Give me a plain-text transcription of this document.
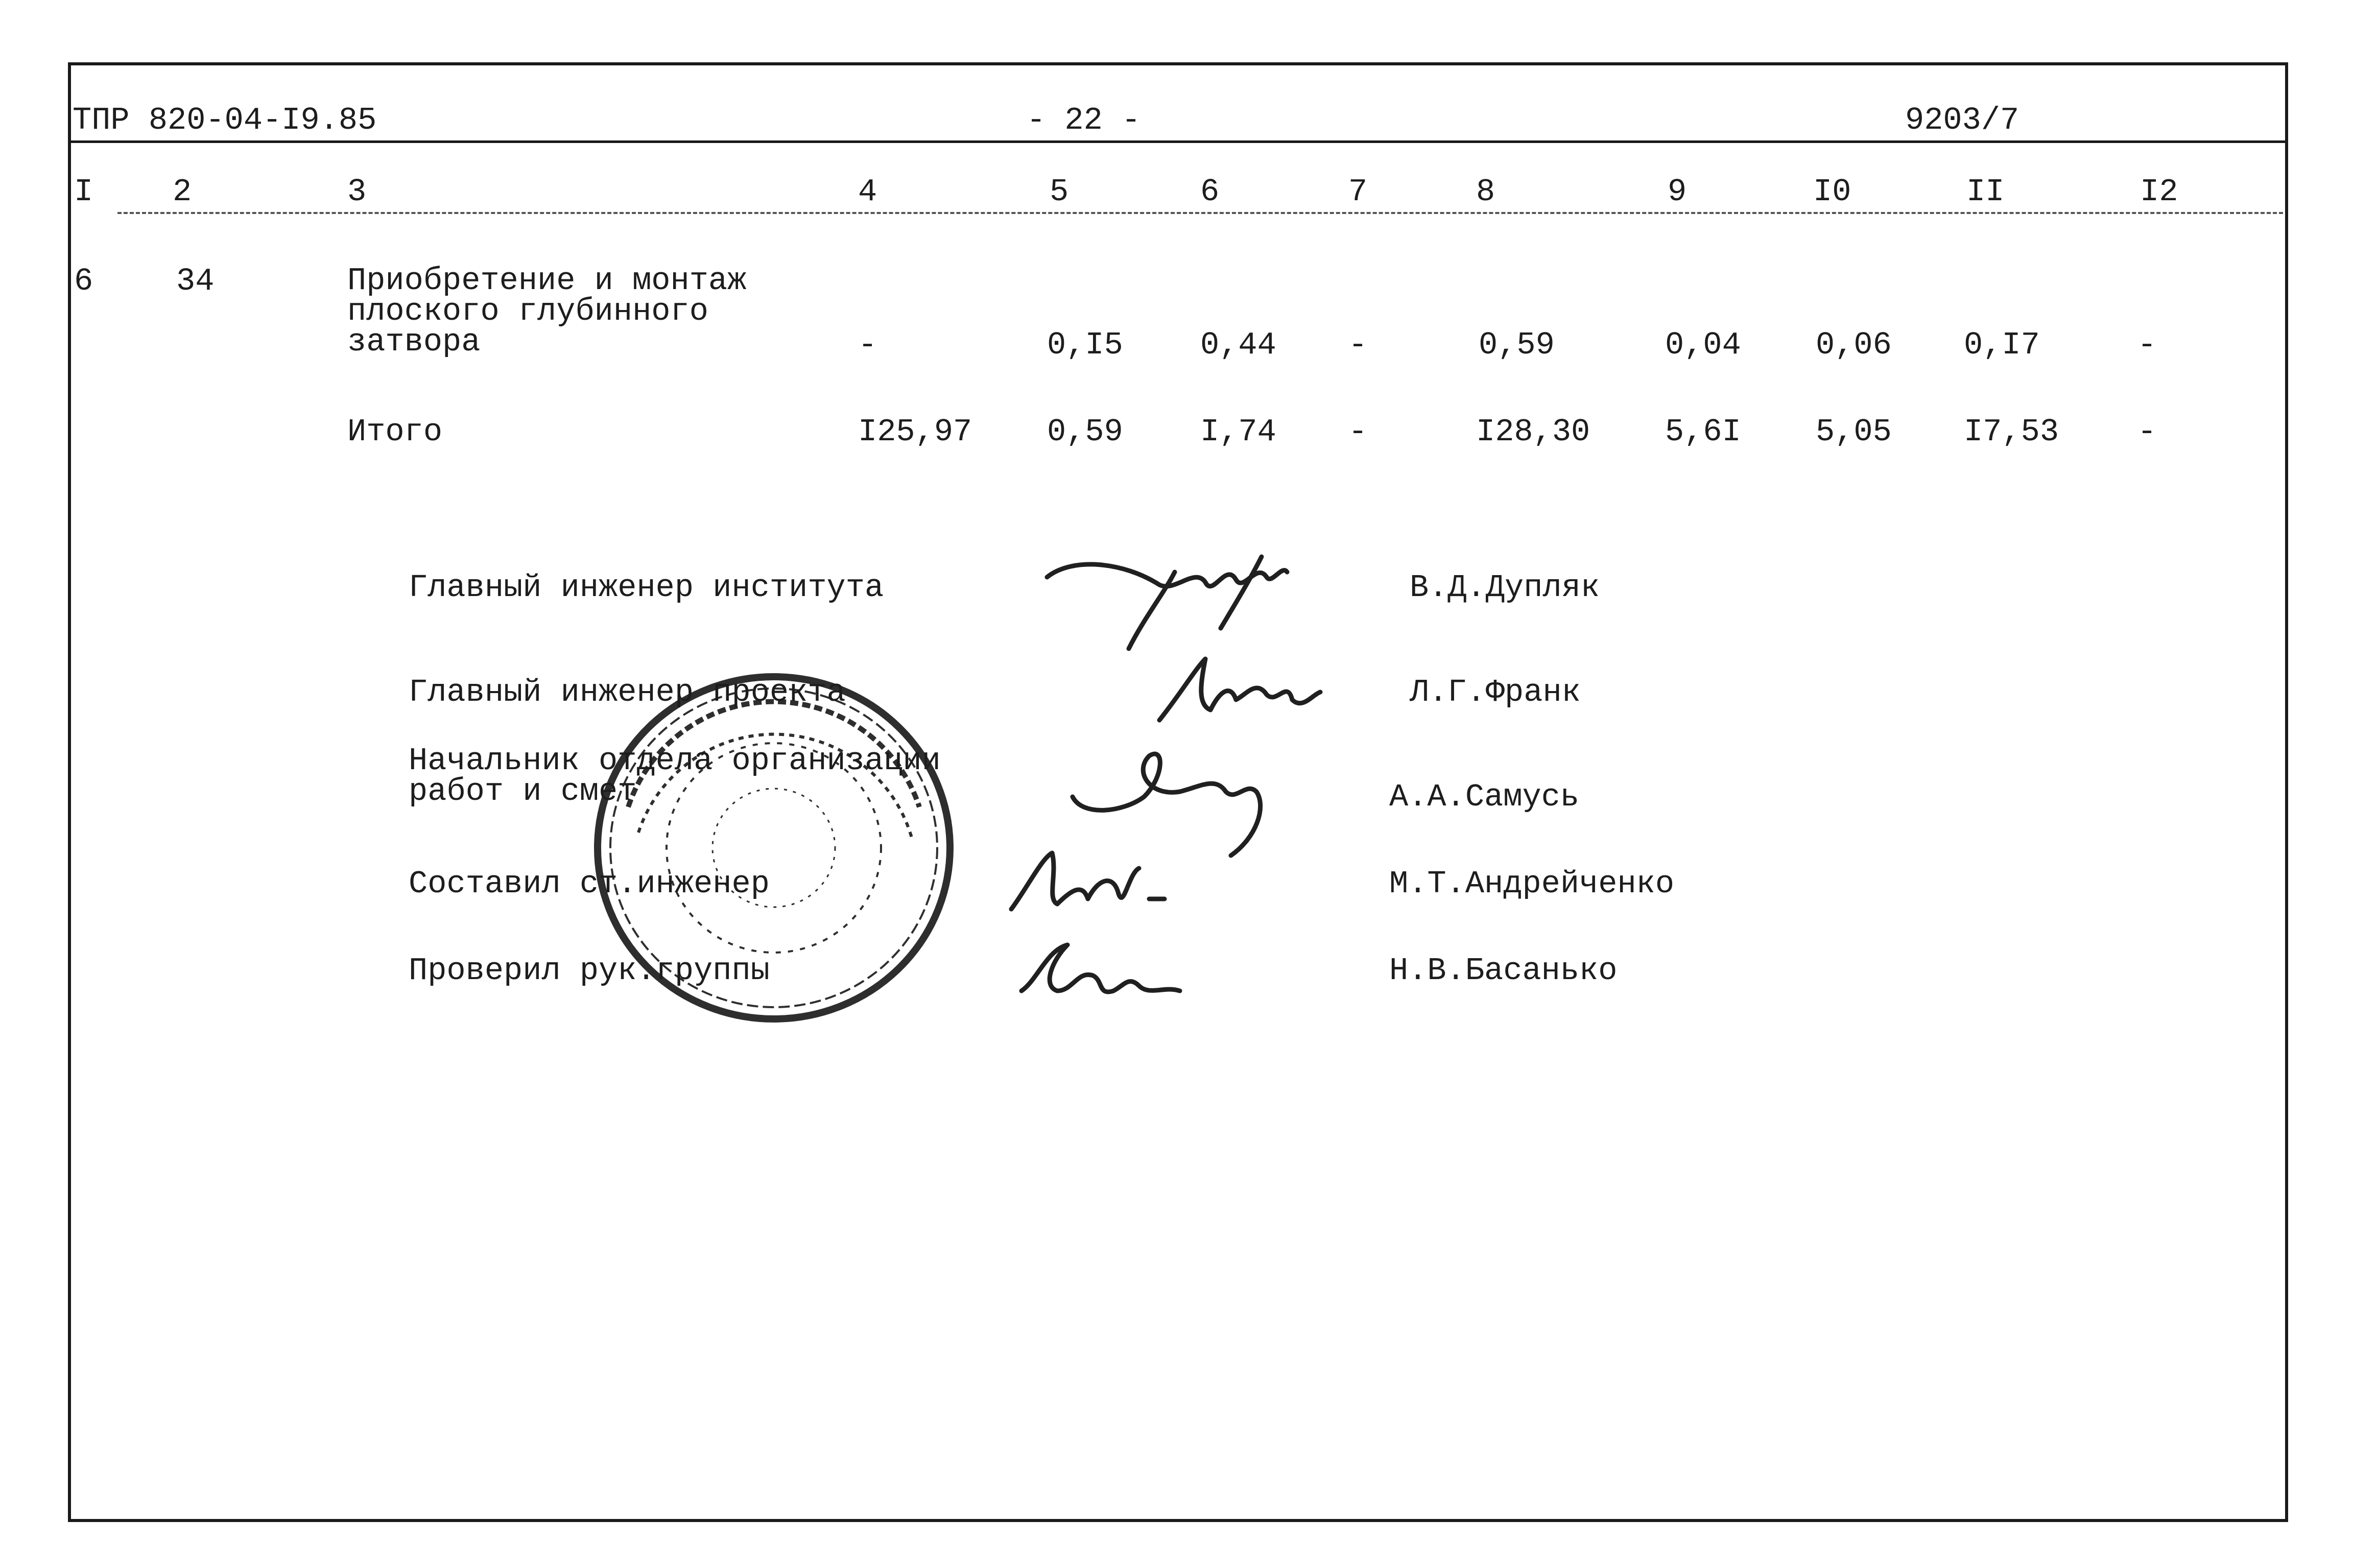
ТПР 820-04-I9.85	- 22 -	9203/7
I	2	3	4	5	6	7	8	9	I0	II	I2
6	34	Приобретение и монтаж
плоского глубинного
затвора	-	0,I5 0,44 -	0,59	0,04 0,06 0,I7	-
Итого	I25,97 0,59 I,74 -	I28,30 5,6I 5,05 I7,53 -
Главный инженер института	В.Д.Дупляк
Главный инженер проекта	Л.Г.Франк
Начальник отдела организации
работ и смет	А.А.Самусь
Составил ст.инженер	М.Т.Андрейченко
Проверил рук.группы	Н.В.Басанько
